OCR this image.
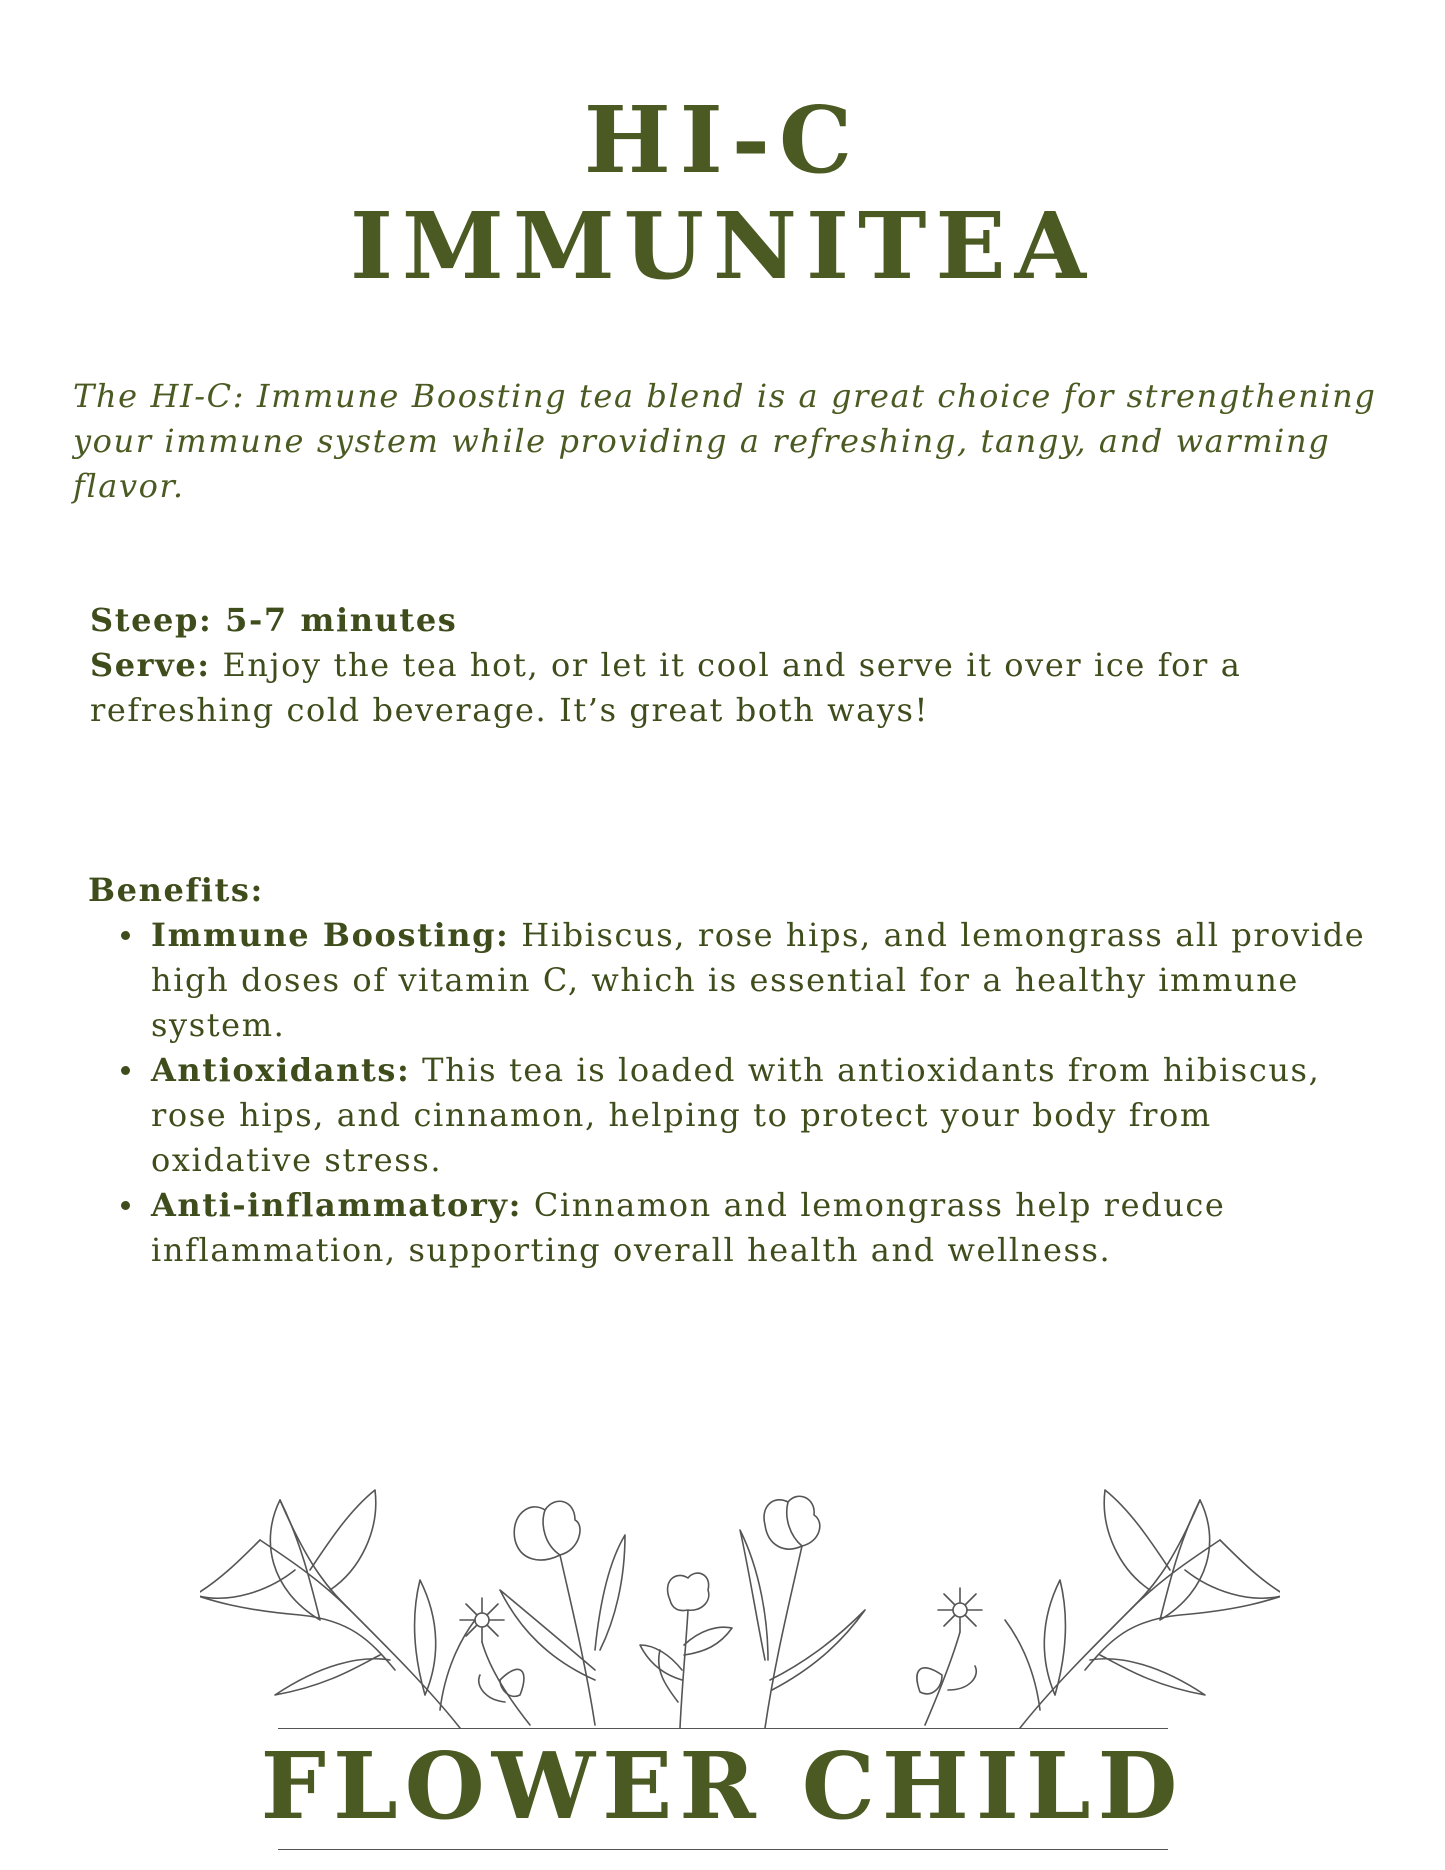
HI-C
IMMUNITEA

The HI-C: Immune Boosting tea blend is a great choice for strengthening your immune system while providing a refreshing, tangy, and warming flavor.

Steep: 5-7 minutes

Serve: Enjoy the tea hot, or let it cool and serve it over ice for a refreshing cold beverage. It’s great both ways!

Benefits:
Immune Boosting: Hibiscus, rose hips, and lemongrass all provide high doses of vitamin C, which is essential for a healthy immune system.
Antioxidants: This tea is loaded with antioxidants from hibiscus, rose hips, and cinnamon, helping to protect your body from oxidative stress.
Anti-inflammatory: Cinnamon and lemongrass help reduce inflammation, supporting overall health and wellness.
FLOWER CHILD
